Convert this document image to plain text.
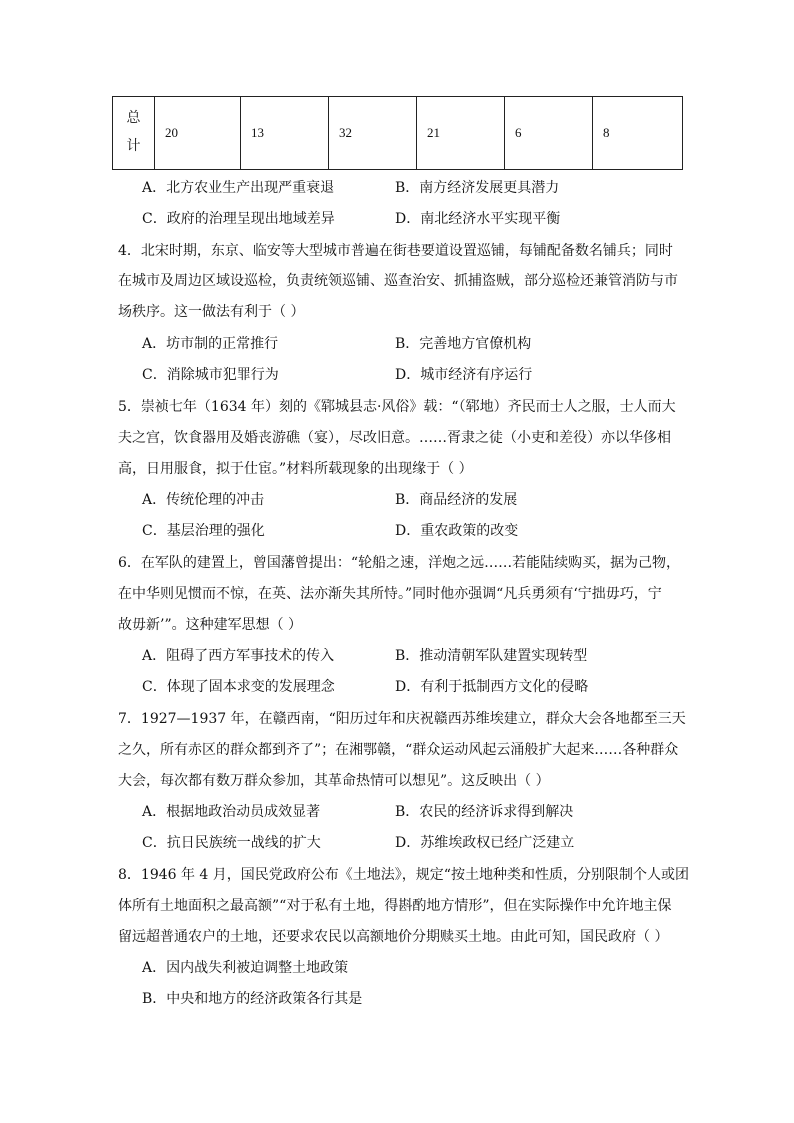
总
计
	20	13	32	21	6	8
A．北方农业生产出现严重衰退	B．南方经济发展更具潜力
C．政府的治理呈现出地域差异	D．南北经济水平实现平衡
4．北宋时期，东京、临安等大型城市普遍在街巷要道设置巡铺，每铺配备数名铺兵；同时
在城市及周边区域设巡检，负责统领巡铺、巡查治安、抓捕盗贼，部分巡检还兼管消防与市
场秩序。这一做法有利于（ ）
A．坊市制的正常推行	B．完善地方官僚机构
C．消除城市犯罪行为	D．城市经济有序运行
5．崇祯七年（1634 年）刻的《郓城县志·风俗》载：“（郓地）齐民而士人之服，士人而大
夫之宫，饮食器用及婚丧游礁（宴），尽改旧意。……胥隶之徒（小吏和差役）亦以华侈相
高，日用服食，拟于仕宦。”材料所载现象的出现缘于（ ）
A．传统伦理的冲击	B．商品经济的发展
C．基层治理的强化	D．重农政策的改变
6．在军队的建置上，曾国藩曾提出：“轮船之速，洋炮之远……若能陆续购买，据为己物，
在中华则见惯而不惊，在英、法亦渐失其所恃。”同时他亦强调“凡兵勇须有‘宁拙毋巧，宁
故毋新’”。这种建军思想（ ）
A．阻碍了西方军事技术的传入	B．推动清朝军队建置实现转型
C．体现了固本求变的发展理念	D．有利于抵制西方文化的侵略
7．1927—1937 年，在赣西南，“阳历过年和庆祝赣西苏维埃建立，群众大会各地都至三天
之久，所有赤区的群众都到齐了”；在湘鄂赣，“群众运动风起云涌般扩大起来……各种群众
大会，每次都有数万群众参加，其革命热情可以想见”。这反映出（ ）
A．根据地政治动员成效显著	B．农民的经济诉求得到解决
C．抗日民族统一战线的扩大	D．苏维埃政权已经广泛建立
8．1946 年 4 月，国民党政府公布《土地法》，规定“按土地种类和性质，分别限制个人或团
体所有土地面积之最高额”“对于私有土地，得斟酌地方情形”，但在实际操作中允许地主保
留远超普通农户的土地，还要求农民以高额地价分期赎买土地。由此可知，国民政府（ ）
A．因内战失利被迫调整土地政策
B．中央和地方的经济政策各行其是
